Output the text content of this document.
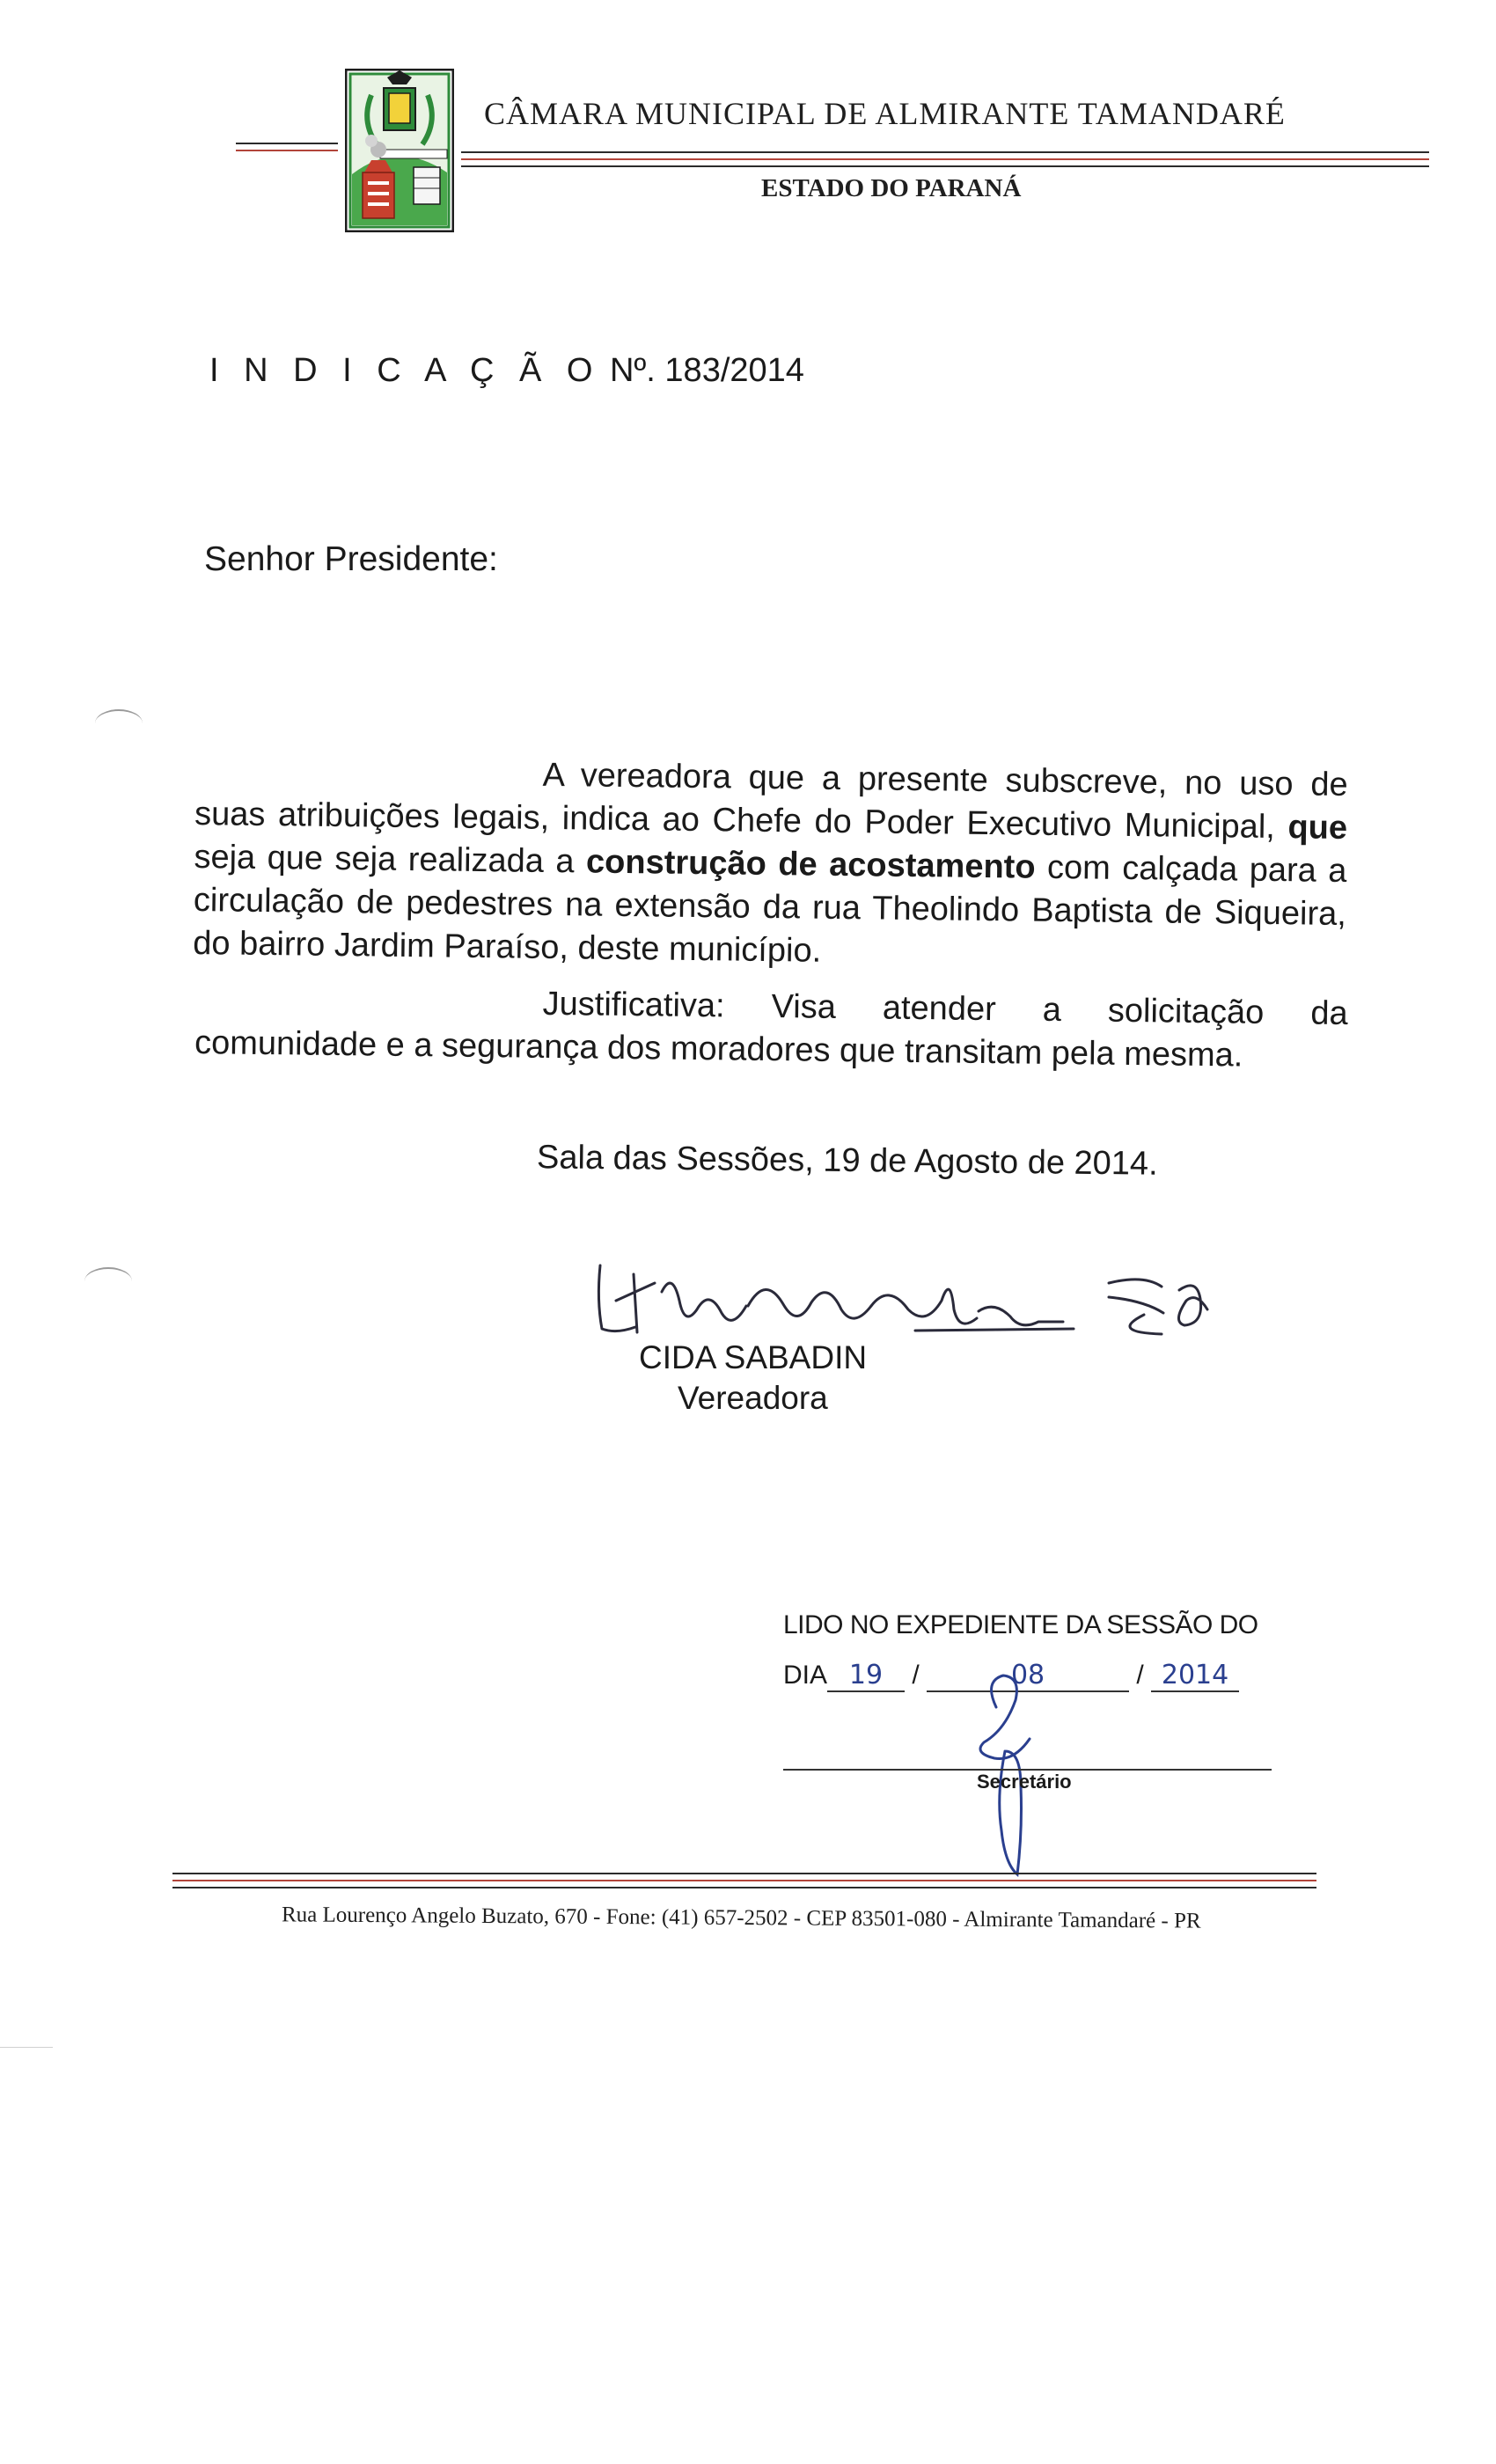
CÂMARA MUNICIPAL DE ALMIRANTE TAMANDARÉ
ESTADO DO PARANÁ
I N D I C A Ç Ã O Nº. 183/2014
Senhor Presidente:
A vereadora que a presente subscreve, no uso de suas atribuições legais, indica ao Chefe do Poder Executivo Municipal, que seja que seja realizada a construção de acostamento com calçada para a circulação de pedestres na extensão da rua Theolindo Baptista de Siqueira, do bairro Jardim Paraíso, deste município.
Justificativa: Visa atender a solicitação da comunidade e a segurança dos moradores que transitam pela mesma.
Sala das Sessões, 19 de Agosto de 2014.
CIDA SABADIN
Vereadora
LIDO NO EXPEDIENTE DA SESSÃO DO
DIA 19 /	08	/ 2014
Secretário
Rua Lourenço Angelo Buzato, 670 - Fone: (41) 657-2502 - CEP 83501-080 - Almirante Tamandaré - PR
